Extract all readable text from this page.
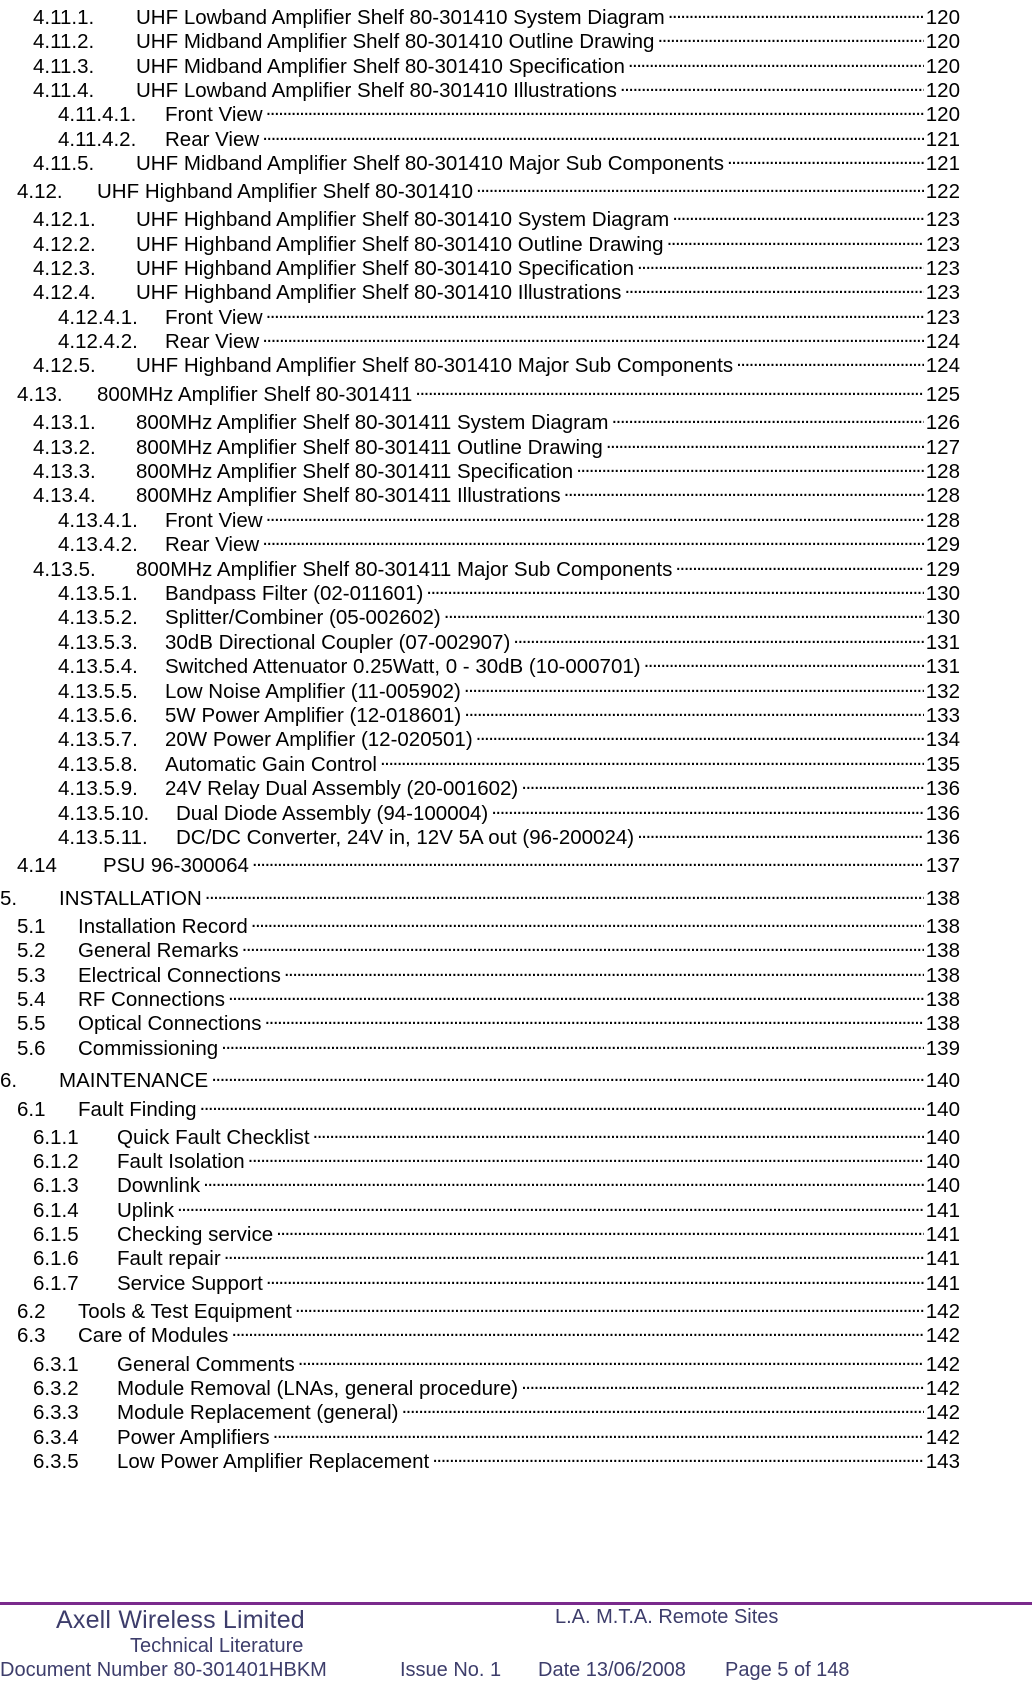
4.11.1.	UHF Lowband Amplifier Shelf 80-301410 System Diagram . . .	120
4.11.2.	UHF Midband Amplifier Shelf 80-301410 Outline Drawing . . .	120
4.11.3.	UHF Midband Amplifier Shelf 80-301410 Specification . . .	120
4.11.4.	UHF Lowband Amplifier Shelf 80-301410 Illustrations . . .	120
4.11.4.1.	Front View . . .	120
4.11.4.2.	Rear View . . .	121
4.11.5.	UHF Midband Amplifier Shelf 80-301410 Major Sub Components . . .	121
4.12.	UHF Highband Amplifier Shelf 80-301410 . . .	122
4.12.1.	UHF Highband Amplifier Shelf 80-301410 System Diagram . . .	123
4.12.2.	UHF Highband Amplifier Shelf 80-301410 Outline Drawing . . .	123
4.12.3.	UHF Highband Amplifier Shelf 80-301410 Specification . . .	123
4.12.4.	UHF Highband Amplifier Shelf 80-301410 Illustrations . . .	123
4.12.4.1.	Front View . . .	123
4.12.4.2.	Rear View . . .	124
4.12.5.	UHF Highband Amplifier Shelf 80-301410 Major Sub Components . . .	124
4.13.	800MHz Amplifier Shelf 80-301411 . . .	125
4.13.1.	800MHz Amplifier Shelf 80-301411 System Diagram . . .	126
4.13.2.	800MHz Amplifier Shelf 80-301411 Outline Drawing . . .	127
4.13.3.	800MHz Amplifier Shelf 80-301411 Specification . . .	128
4.13.4.	800MHz Amplifier Shelf 80-301411 Illustrations . . .	128
4.13.4.1.	Front View . . .	128
4.13.4.2.	Rear View . . .	129
4.13.5.	800MHz Amplifier Shelf 80-301411 Major Sub Components . . .	129
4.13.5.1.	Bandpass Filter (02-011601) . . .	130
4.13.5.2.	Splitter/Combiner (05-002602) . . .	130
4.13.5.3.	30dB Directional Coupler (07-002907) . . .	131
4.13.5.4.	Switched Attenuator 0.25Watt, 0 - 30dB (10-000701) . . .	131
4.13.5.5.	Low Noise Amplifier (11-005902) . . .	132
4.13.5.6.	5W Power Amplifier (12-018601) . . .	133
4.13.5.7.	20W Power Amplifier (12-020501) . . .	134
4.13.5.8.	Automatic Gain Control . . .	135
4.13.5.9.	24V Relay Dual Assembly (20-001602) . . .	136
4.13.5.10.	Dual Diode Assembly (94-100004) . . .	136
4.13.5.11.	DC/DC Converter, 24V in, 12V 5A out (96-200024) . . .	136
4.14	PSU 96-300064 . . .	137
5.	INSTALLATION . . .	138
5.1	Installation Record . . .	138
5.2	General Remarks . . .	138
5.3	Electrical Connections . . .	138
5.4	RF Connections . . .	138
5.5	Optical Connections . . .	138
5.6	Commissioning . . .	139
6.	MAINTENANCE . . .	140
6.1	Fault Finding . . .	140
6.1.1	Quick Fault Checklist . . .	140
6.1.2	Fault Isolation . . .	140
6.1.3	Downlink . . .	140
6.1.4	Uplink . . .	141
6.1.5	Checking service . . .	141
6.1.6	Fault repair . . .	141
6.1.7	Service Support . . .	141
6.2	Tools & Test Equipment . . .	142
6.3	Care of Modules . . .	142
6.3.1	General Comments . . .	142
6.3.2	Module Removal (LNAs, general procedure) . . .	142
6.3.3	Module Replacement (general) . . .	142
6.3.4	Power Amplifiers . . .	142
6.3.5	Low Power Amplifier Replacement . . .	143
Axell Wireless Limited	L.A. M.T.A. Remote Sites
Technical Literature
Document Number 80-301401HBKM	Issue No. 1 Date 13/06/2008 Page 5 of 148
